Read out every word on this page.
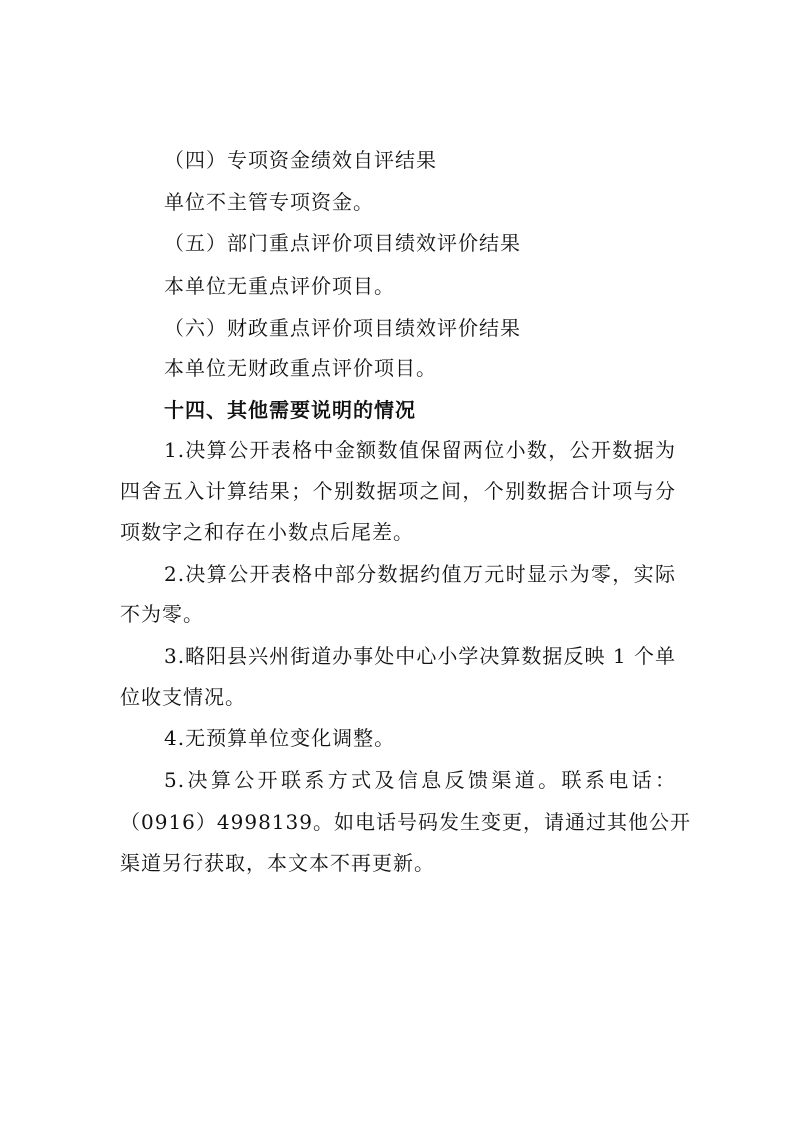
（四）专项资金绩效自评结果
单位不主管专项资金。
（五）部门重点评价项目绩效评价结果
本单位无重点评价项目。
（六）财政重点评价项目绩效评价结果
本单位无财政重点评价项目。
十四、其他需要说明的情况
1.决算公开表格中金额数值保留两位小数，公开数据为
四舍五入计算结果；个别数据项之间，个别数据合计项与分
项数字之和存在小数点后尾差。
2.决算公开表格中部分数据约值万元时显示为零，实际
不为零。
3.略阳县兴州街道办事处中心小学决算数据反映 1 个单
位收支情况。
4.无预算单位变化调整。
5.决算公开联系方式及信息反馈渠道。联系电话：
（0916）4998139。如电话号码发生变更，请通过其他公开
渠道另行获取，本文本不再更新。
